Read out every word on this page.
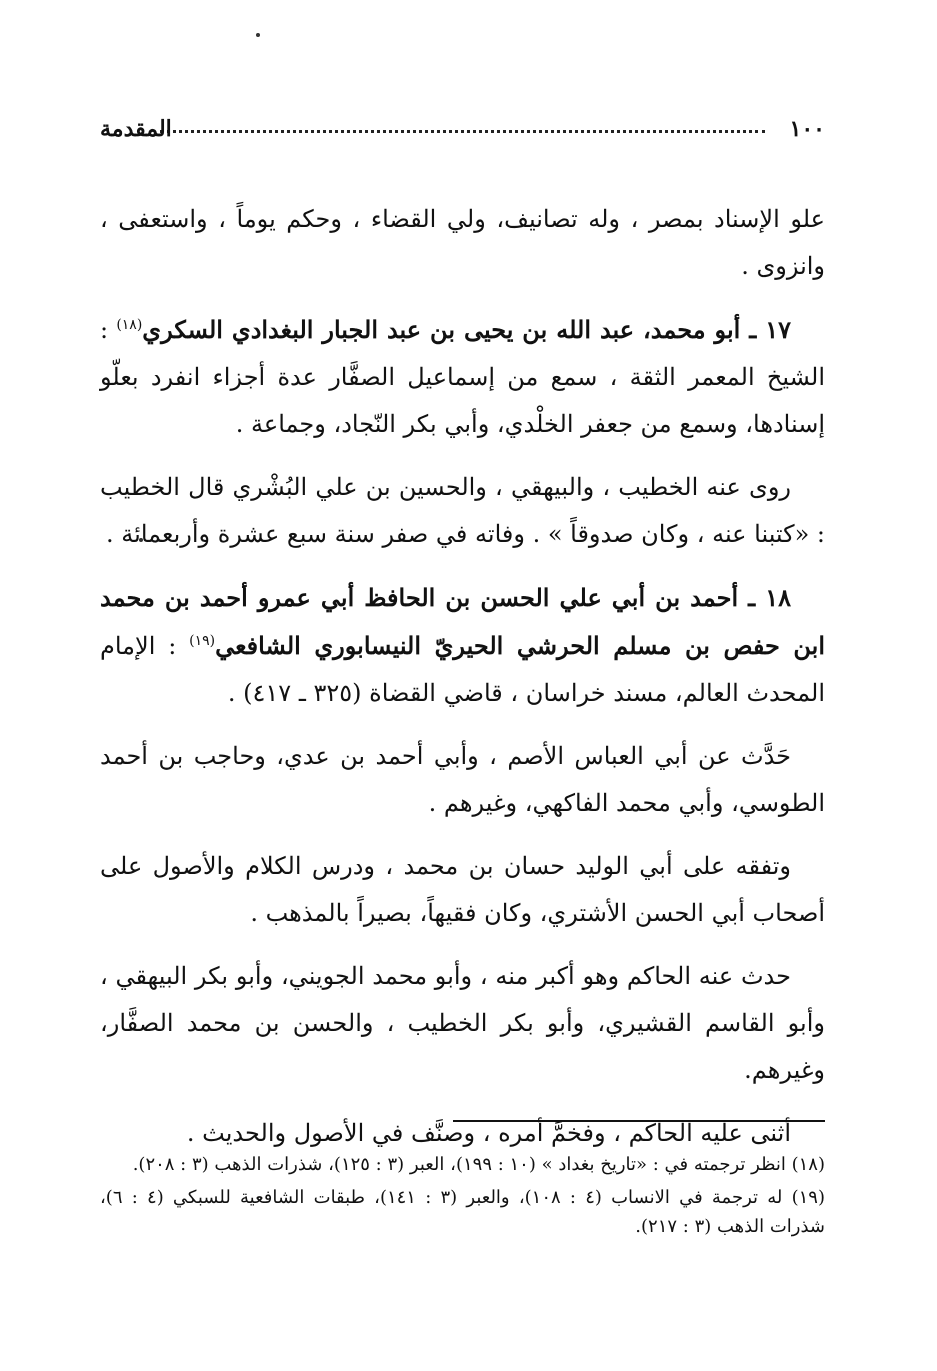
١٠٠
المقدمة

علو الإسناد بمصر ، وله تصانيف، ولي القضاء ، وحكم يوماً ، واستعفى ، وانزوى .

١٧ ـ أبو محمد، عبد الله بن يحيى بن عبد الجبار البغدادي السكري$^{(١٨)}$ : الشيخ المعمر الثقة ، سمع من إسماعيل الصفَّار عدة أجزاء انفرد بعلّو إسنادها، وسمع من جعفر الخلْدي، وأبي بكر النّجاد، وجماعة .

روى عنه الخطيب ، والبيهقي ، والحسين بن علي البُشْري قال الخطيب : «كتبنا عنه ، وكان صدوقاً » . وفاته في صفر سنة سبع عشرة وأربعمائة .

١٨ ـ أحمد بن أبي علي الحسن بن الحافظ أبي عمرو أحمد بن محمد ابن حفص بن مسلم الحرشي الحيريّ النيسابوري الشافعي$^{(١٩)}$ : الإمام المحدث العالم، مسند خراسان ، قاضي القضاة (٣٢٥ ـ ٤١٧) .

حَدَّث عن أبي العباس الأصم ، وأبي أحمد بن عدي، وحاجب بن أحمد الطوسي، وأبي محمد الفاكهي، وغيرهم .

وتفقه على أبي الوليد حسان بن محمد ، ودرس الكلام والأصول على أصحاب أبي الحسن الأشتري، وكان فقيهاً، بصيراً بالمذهب .

حدث عنه الحاكم وهو أكبر منه ، وأبو محمد الجويني، وأبو بكر البيهقي ، وأبو القاسم القشيري، وأبو بكر الخطيب ، والحسن بن محمد الصفَّار، وغيرهم.

أثنى عليه الحاكم ، وفخمَّ أمره ، وصنَّف في الأصول والحديث .

(١٨) انظر ترجمته في : «تاريخ بغداد » (١٠ : ١٩٩)، العبر (٣ : ١٢٥)، شذرات الذهب (٣ : ٢٠٨).

(١٩) له ترجمة في الانساب (٤ : ١٠٨)، والعبر (٣ : ١٤١)، طبقات الشافعية للسبكي (٤ : ٦)، شذرات الذهب (٣ : ٢١٧).
